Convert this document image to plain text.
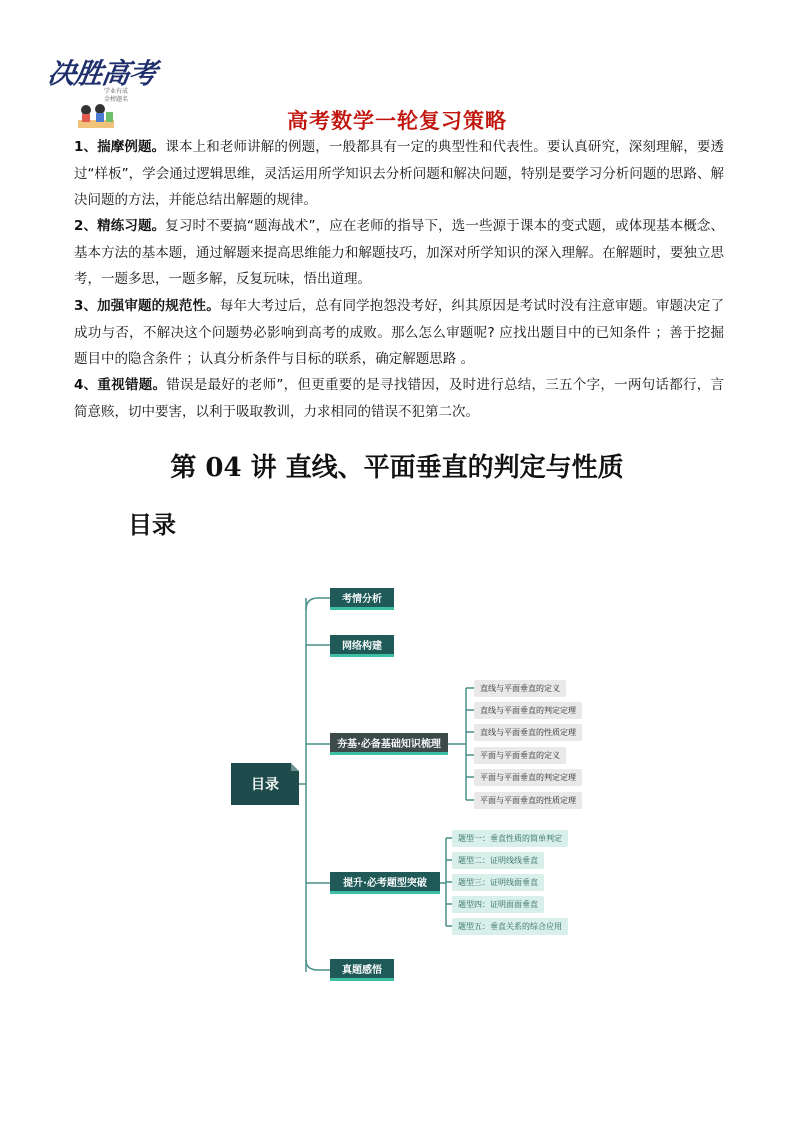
决胜高考
学业有成
金榜题名
高考数学一轮复习策略
1、揣摩例题。课本上和老师讲解的例题，一般都具有一定的典型性和代表性。要认真研究，深刻理解，要透过“样板”，学会通过逻辑思维，灵活运用所学知识去分析问题和解决问题，特别是要学习分析问题的思路、解决问题的方法，并能总结出解题的规律。
2、精练习题。复习时不要搞“题海战术”，应在老师的指导下，选一些源于课本的变式题，或体现基本概念、基本方法的基本题，通过解题来提高思维能力和解题技巧，加深对所学知识的深入理解。在解题时，要独立思考，一题多思，一题多解，反复玩味，悟出道理。
3、加强审题的规范性。每年大考过后，总有同学抱怨没考好，纠其原因是考试时没有注意审题。审题决定了成功与否，不解决这个问题势必影响到高考的成败。那么怎么审题呢? 应找出题目中的已知条件 ；善于挖掘题目中的隐含条件 ；认真分析条件与目标的联系，确定解题思路 。
4、重视错题。错误是最好的老师”，但更重要的是寻找错因，及时进行总结，三五个字，一两句话都行，言简意赅，切中要害，以利于吸取教训，力求相同的错误不犯第二次。
第 04 讲 直线、平面垂直的判定与性质
目录
目录
考情分析
网络构建
夯基·必备基础知识梳理
提升·必考题型突破
真题感悟
直线与平面垂直的定义
直线与平面垂直的判定定理
直线与平面垂直的性质定理
平面与平面垂直的定义
平面与平面垂直的判定定理
平面与平面垂直的性质定理
题型一：垂直性质的简单判定
题型二：证明线线垂直
题型三：证明线面垂直
题型四：证明面面垂直
题型五：垂直关系的综合应用
